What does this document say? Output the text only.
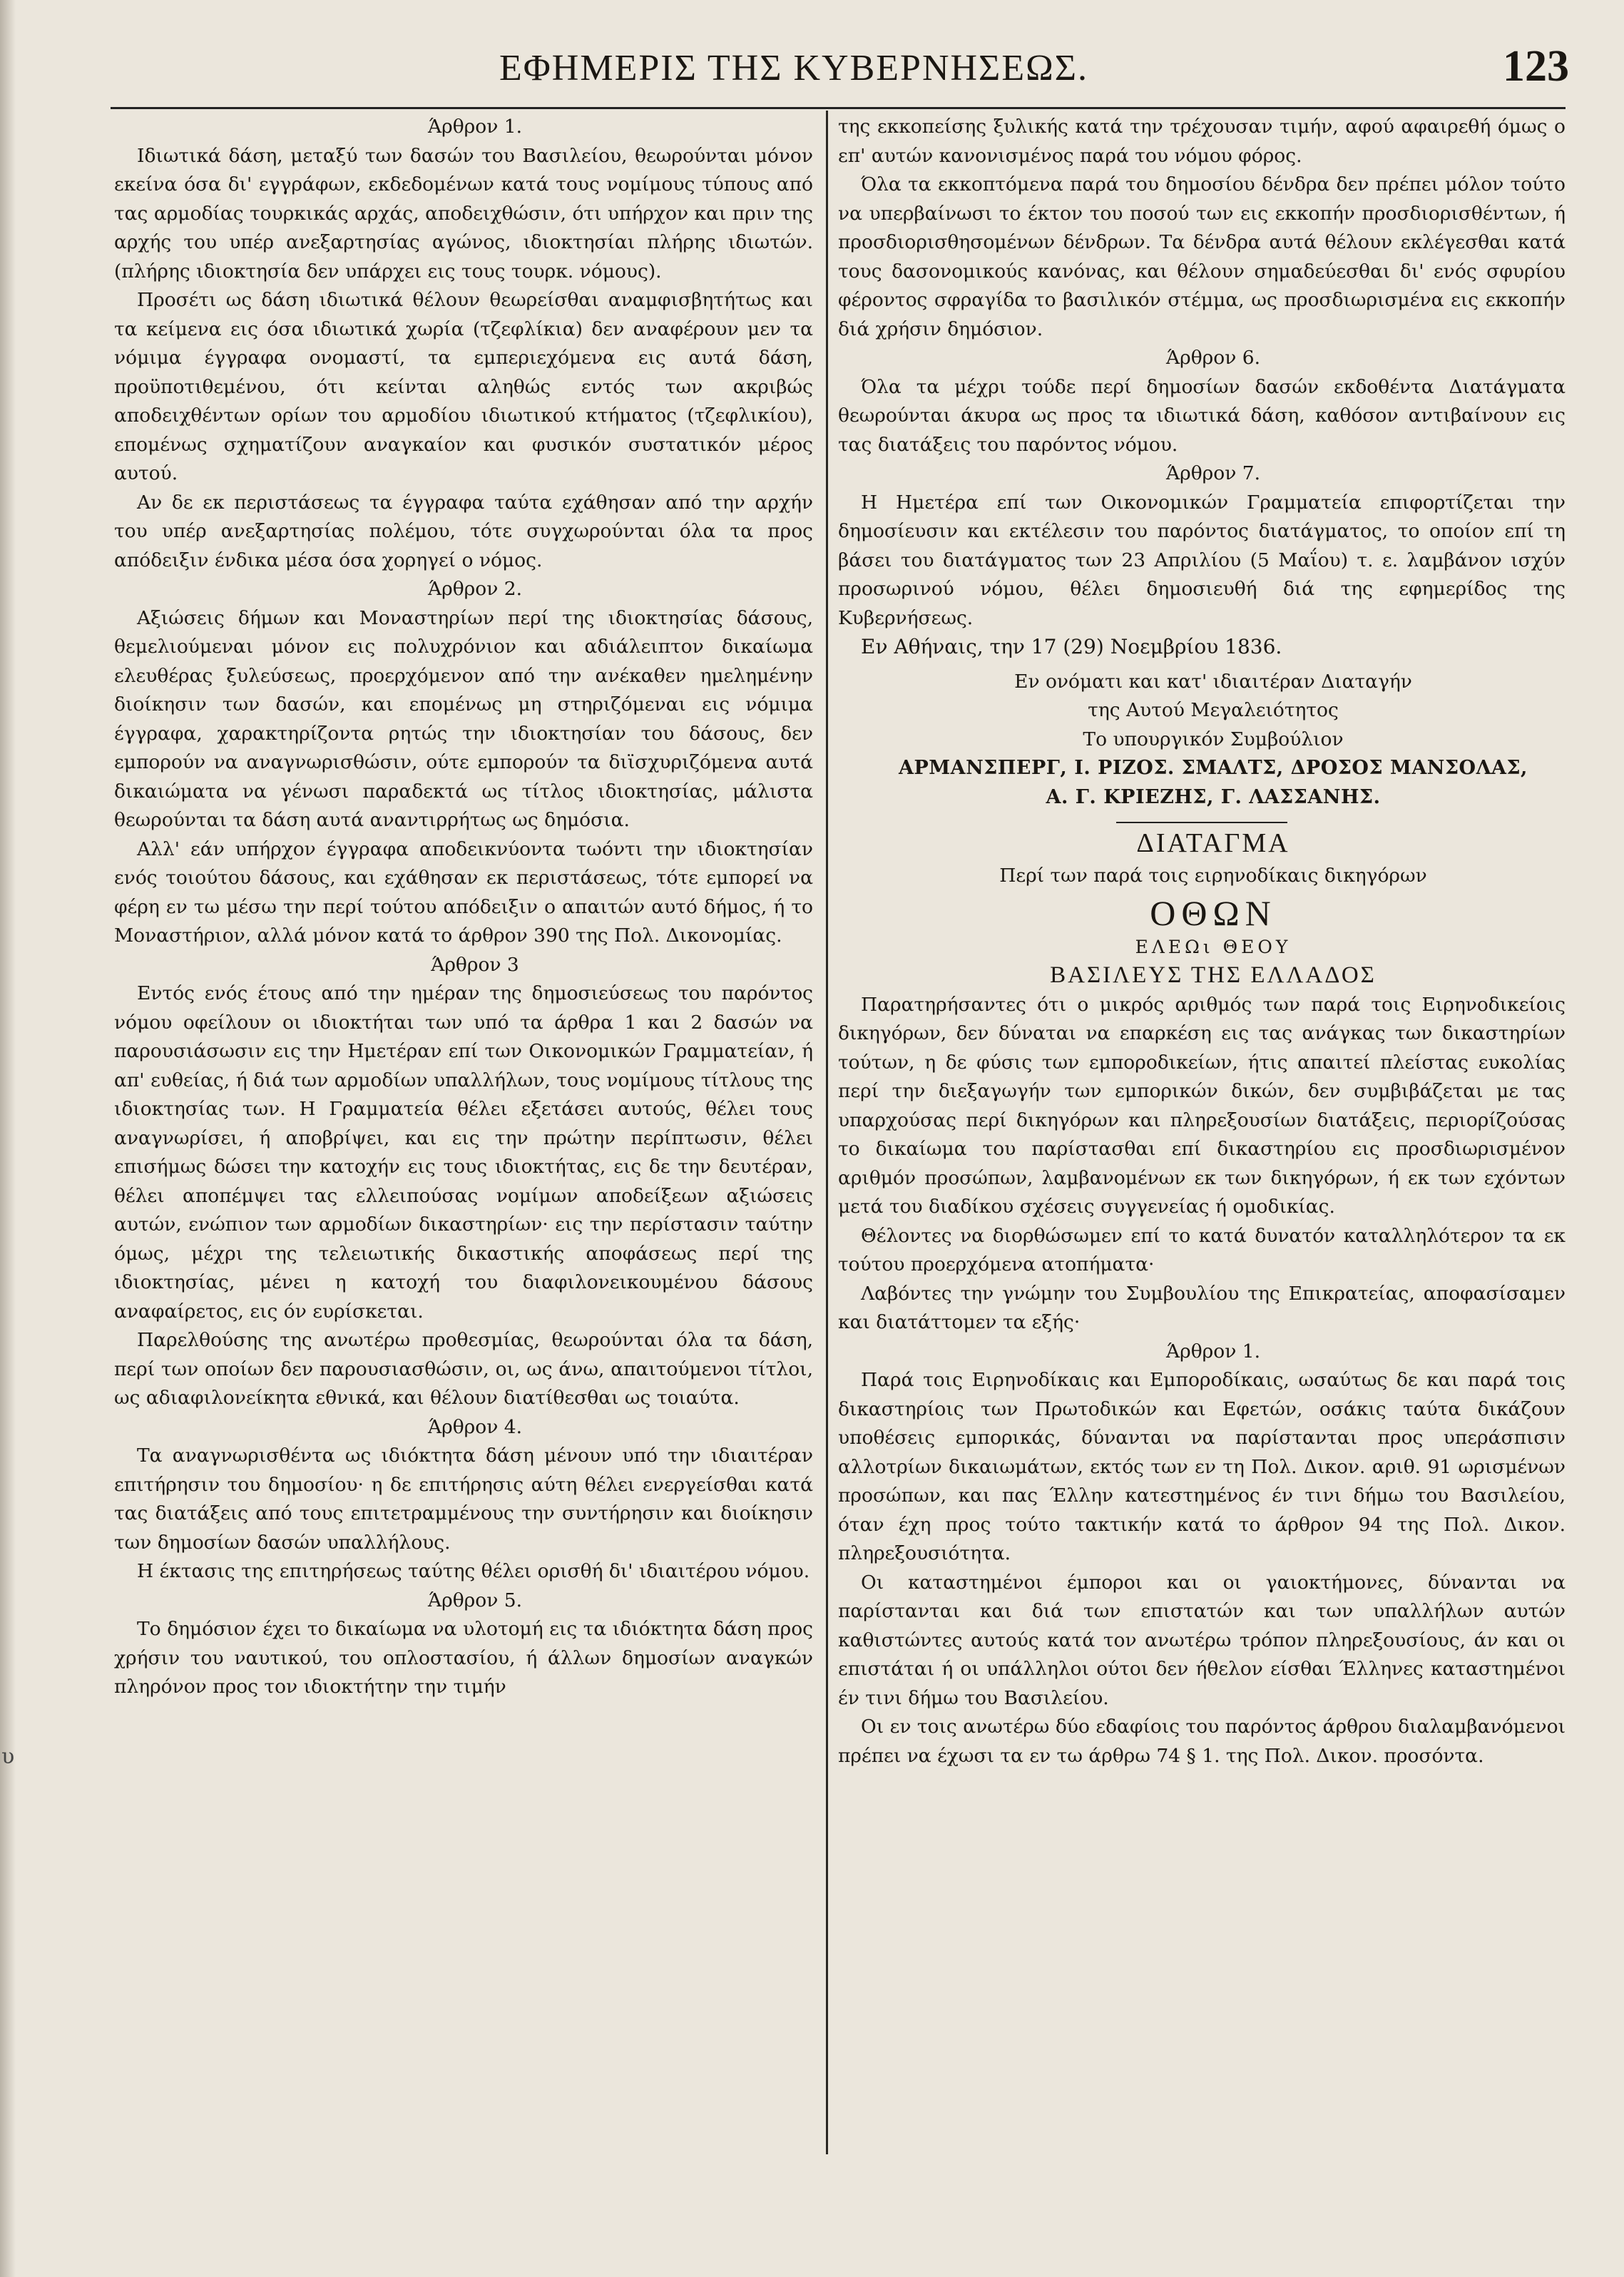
υ
ΕΦΗΜΕΡΙΣ ΤΗΣ ΚΥΒΕΡΝΗΣΕΩΣ.	123

Άρθρον 1.

Ιδιωτικά δάση, μεταξύ των δασών του Βασιλείου, θεωρούνται μόνον εκείνα όσα δι' εγγράφων, εκδεδομένων κατά τους νομίμους τύπους από τας αρμοδίας τουρκικάς αρχάς, αποδειχθώσιν, ότι υπήρχον και πριν της αρχής του υπέρ ανεξαρτησίας αγώνος, ιδιοκτησίαι πλήρης ιδιωτών. (πλήρης ιδιοκτησία δεν υπάρχει εις τους τουρκ. νόμους).

Προσέτι ως δάση ιδιωτικά θέλουν θεωρείσθαι αναμφισβητήτως και τα κείμενα εις όσα ιδιωτικά χωρία (τζεφλίκια) δεν αναφέρουν μεν τα νόμιμα έγγραφα ονομαστί, τα εμπεριεχόμενα εις αυτά δάση, προϋποτιθεμένου, ότι κείνται αληθώς εντός των ακριβώς αποδειχθέντων ορίων του αρμοδίου ιδιωτικού κτήματος (τζεφλικίου), επομένως σχηματίζουν αναγκαίον και φυσικόν συστατικόν μέρος αυτού.

Αν δε εκ περιστάσεως τα έγγραφα ταύτα εχάθησαν από την αρχήν του υπέρ ανεξαρτησίας πολέμου, τότε συγχωρούνται όλα τα προς απόδειξιν ένδικα μέσα όσα χορηγεί ο νόμος.

Άρθρον 2.

Αξιώσεις δήμων και Μοναστηρίων περί της ιδιοκτησίας δάσους, θεμελιούμεναι μόνον εις πολυχρόνιον και αδιάλειπτον δικαίωμα ελευθέρας ξυλεύσεως, προερχόμενον από την ανέκαθεν ημελημένην διοίκησιν των δασών, και επομένως μη στηριζόμεναι εις νόμιμα έγγραφα, χαρακτηρίζοντα ρητώς την ιδιοκτησίαν του δάσους, δεν εμπορούν να αναγνωρισθώσιν, ούτε εμπορούν τα διϊσχυριζόμενα αυτά δικαιώματα να γένωσι παραδεκτά ως τίτλος ιδιοκτησίας, μάλιστα θεωρούνται τα δάση αυτά αναντιρρήτως ως δημόσια.

Αλλ' εάν υπήρχον έγγραφα αποδεικνύοντα τωόντι την ιδιοκτησίαν ενός τοιούτου δάσους, και εχάθησαν εκ περιστάσεως, τότε εμπορεί να φέρη εν τω μέσω την περί τούτου απόδειξιν ο απαιτών αυτό δήμος, ή το Μοναστήριον, αλλά μόνον κατά το άρθρον 390 της Πολ. Δικονομίας.

Άρθρον 3

Εντός ενός έτους από την ημέραν της δημοσιεύσεως του παρόντος νόμου οφείλουν οι ιδιοκτήται των υπό τα άρθρα 1 και 2 δασών να παρουσιάσωσιν εις την Ημετέραν επί των Οικονομικών Γραμματείαν, ή απ' ευθείας, ή διά των αρμοδίων υπαλλήλων, τους νομίμους τίτλους της ιδιοκτησίας των. Η Γραμματεία θέλει εξετάσει αυτούς, θέλει τους αναγνωρίσει, ή αποβρίψει, και εις την πρώτην περίπτωσιν, θέλει επισήμως δώσει την κατοχήν εις τους ιδιοκτήτας, εις δε την δευτέραν, θέλει αποπέμψει τας ελλειπούσας νομίμων αποδείξεων αξιώσεις αυτών, ενώπιον των αρμοδίων δικαστηρίων· εις την περίστασιν ταύτην όμως, μέχρι της τελειωτικής δικαστικής αποφάσεως περί της ιδιοκτησίας, μένει η κατοχή του διαφιλονεικουμένου δάσους αναφαίρετος, εις όν ευρίσκεται.

Παρελθούσης της ανωτέρω προθεσμίας, θεωρούνται όλα τα δάση, περί των οποίων δεν παρουσιασθώσιν, οι, ως άνω, απαιτούμενοι τίτλοι, ως αδιαφιλονείκητα εθνικά, και θέλουν διατίθεσθαι ως τοιαύτα.

Άρθρον 4.

Τα αναγνωρισθέντα ως ιδιόκτητα δάση μένουν υπό την ιδιαιτέραν επιτήρησιν του δημοσίου· η δε επιτήρησις αύτη θέλει ενεργείσθαι κατά τας διατάξεις από τους επιτετραμμένους την συντήρησιν και διοίκησιν των δημοσίων δασών υπαλλήλους.

Η έκτασις της επιτηρήσεως ταύτης θέλει ορισθή δι' ιδιαιτέρου νόμου.

Άρθρον 5.

Το δημόσιον έχει το δικαίωμα να υλοτομή εις τα ιδιόκτητα δάση προς χρήσιν του ναυτικού, του οπλοστασίου, ή άλλων δημοσίων αναγκών πληρόνον προς τον ιδιοκτήτην την τιμήν

της εκκοπείσης ξυλικής κατά την τρέχουσαν τιμήν, αφού αφαιρεθή όμως ο επ' αυτών κανονισμένος παρά του νόμου φόρος.

Όλα τα εκκοπτόμενα παρά του δημοσίου δένδρα δεν πρέπει μόλον τούτο να υπερβαίνωσι το έκτον του ποσού των εις εκκοπήν προσδιορισθέντων, ή προσδιορισθησομένων δένδρων. Τα δένδρα αυτά θέλουν εκλέγεσθαι κατά τους δασονομικούς κανόνας, και θέλουν σημαδεύεσθαι δι' ενός σφυρίου φέροντος σφραγίδα το βασιλικόν στέμμα, ως προσδιωρισμένα εις εκκοπήν διά χρήσιν δημόσιον.

Άρθρον 6.

Όλα τα μέχρι τούδε περί δημοσίων δασών εκδοθέντα Διατάγματα θεωρούνται άκυρα ως προς τα ιδιωτικά δάση, καθόσον αντιβαίνουν εις τας διατάξεις του παρόντος νόμου.

Άρθρον 7.

Η Ημετέρα επί των Οικονομικών Γραμματεία επιφορτίζεται την δημοσίευσιν και εκτέλεσιν του παρόντος διατάγματος, το οποίον επί τη βάσει του διατάγματος των 23 Απριλίου (5 Μαΐου) τ. ε. λαμβάνον ισχύν προσωρινού νόμου, θέλει δημοσιευθή διά της εφημερίδος της Κυβερνήσεως.

Εν Αθήναις, την 17 (29) Νοεμβρίου 1836.

Εν ονόματι και κατ' ιδιαιτέραν Διαταγήν

της Αυτού Μεγαλειότητος

Το υπουργικόν Συμβούλιον

ΑΡΜΑΝΣΠΕΡΓ, Ι. ΡΙΖΟΣ. ΣΜΑΛΤΣ, ΔΡΟΣΟΣ ΜΑΝΣΟΛΑΣ,

Α. Γ. ΚΡΙΕΖΗΣ, Γ. ΛΑΣΣΑΝΗΣ.

ΔΙΑΤΑΓΜΑ

Περί των παρά τοις ειρηνοδίκαις δικηγόρων

ΟΘΩΝ

ΕΛΕΩι ΘΕΟΥ

ΒΑΣΙΛΕΥΣ ΤΗΣ ΕΛΛΑΔΟΣ

Παρατηρήσαντες ότι ο μικρός αριθμός των παρά τοις Ειρηνοδικείοις δικηγόρων, δεν δύναται να επαρκέση εις τας ανάγκας των δικαστηρίων τούτων, η δε φύσις των εμποροδικείων, ήτις απαιτεί πλείστας ευκολίας περί την διεξαγωγήν των εμπορικών δικών, δεν συμβιβάζεται με τας υπαρχούσας περί δικηγόρων και πληρεξουσίων διατάξεις, περιορίζούσας το δικαίωμα του παρίστασθαι επί δικαστηρίου εις προσδιωρισμένον αριθμόν προσώπων, λαμβανομένων εκ των δικηγόρων, ή εκ των εχόντων μετά του διαδίκου σχέσεις συγγενείας ή ομοδικίας.

Θέλοντες να διορθώσωμεν επί το κατά δυνατόν καταλληλότερον τα εκ τούτου προερχόμενα ατοπήματα·

Λαβόντες την γνώμην του Συμβουλίου της Επικρατείας, αποφασίσαμεν και διατάττομεν τα εξής·

Άρθρον 1.

Παρά τοις Ειρηνοδίκαις και Εμποροδίκαις, ωσαύτως δε και παρά τοις δικαστηρίοις των Πρωτοδικών και Εφετών, οσάκις ταύτα δικάζουν υποθέσεις εμπορικάς, δύνανται να παρίστανται προς υπεράσπισιν αλλοτρίων δικαιωμάτων, εκτός των εν τη Πολ. Δικον. αριθ. 91 ωρισμένων προσώπων, και πας Έλλην κατεστημένος έν τινι δήμω του Βασιλείου, όταν έχη προς τούτο τακτικήν κατά το άρθρον 94 της Πολ. Δικον. πληρεξουσιότητα.

Οι καταστημένοι έμποροι και οι γαιοκτήμονες, δύνανται να παρίστανται και διά των επιστατών και των υπαλλήλων αυτών καθιστώντες αυτούς κατά τον ανωτέρω τρόπον πληρεξουσίους, άν και οι επιστάται ή οι υπάλληλοι ούτοι δεν ήθελον είσθαι Έλληνες καταστημένοι έν τινι δήμω του Βασιλείου.

Οι εν τοις ανωτέρω δύο εδαφίοις του παρόντος άρθρου διαλαμβανόμενοι πρέπει να έχωσι τα εν τω άρθρω 74 § 1. της Πολ. Δικον. προσόντα.
